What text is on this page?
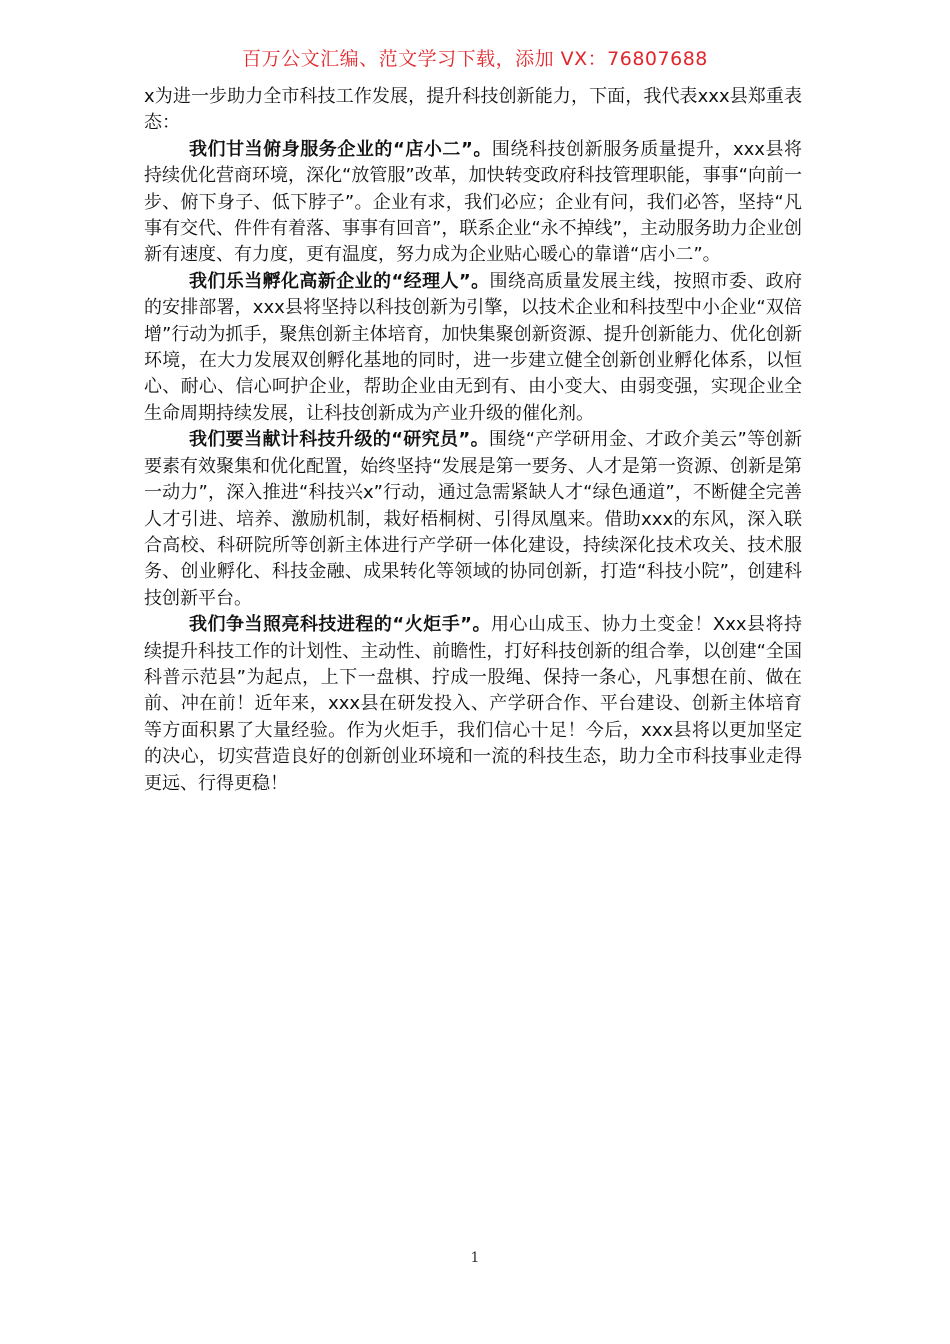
百万公文汇编、范文学习下载，添加 VX：76807688

x为进一步助力全市科技工作发展，提升科技创新能力，下面，我代表xxx县郑重表态：

我们甘当俯身服务企业的“店小二”。围绕科技创新服务质量提升，xxx县将持续优化营商环境，深化“放管服”改革，加快转变政府科技管理职能，事事“向前一步、俯下身子、低下脖子”。企业有求，我们必应；企业有问，我们必答，坚持“凡事有交代、件件有着落、事事有回音”，联系企业“永不掉线”，主动服务助力企业创新有速度、有力度，更有温度，努力成为企业贴心暖心的靠谱“店小二”。

我们乐当孵化高新企业的“经理人”。围绕高质量发展主线，按照市委、政府的安排部署，xxx县将坚持以科技创新为引擎，以技术企业和科技型中小企业“双倍增”行动为抓手，聚焦创新主体培育，加快集聚创新资源、提升创新能力、优化创新环境，在大力发展双创孵化基地的同时，进一步建立健全创新创业孵化体系，以恒心、耐心、信心呵护企业，帮助企业由无到有、由小变大、由弱变强，实现企业全生命周期持续发展，让科技创新成为产业升级的催化剂。

我们要当献计科技升级的“研究员”。围绕“产学研用金、才政介美云”等创新要素有效聚集和优化配置，始终坚持“发展是第一要务、人才是第一资源、创新是第一动力”，深入推进“科技兴x”行动，通过急需紧缺人才“绿色通道”，不断健全完善人才引进、培养、激励机制，栽好梧桐树、引得凤凰来。借助xxx的东风，深入联合高校、科研院所等创新主体进行产学研一体化建设，持续深化技术攻关、技术服务、创业孵化、科技金融、成果转化等领域的协同创新，打造“科技小院”，创建科技创新平台。

我们争当照亮科技进程的“火炬手”。用心山成玉、协力土变金！Xxx县将持续提升科技工作的计划性、主动性、前瞻性，打好科技创新的组合拳，以创建“全国科普示范县”为起点，上下一盘棋、拧成一股绳、保持一条心，凡事想在前、做在前、冲在前！近年来，xxx县在研发投入、产学研合作、平台建设、创新主体培育等方面积累了大量经验。作为火炬手，我们信心十足！今后，xxx县将以更加坚定的决心，切实营造良好的创新创业环境和一流的科技生态，助力全市科技事业走得更远、行得更稳！

1
